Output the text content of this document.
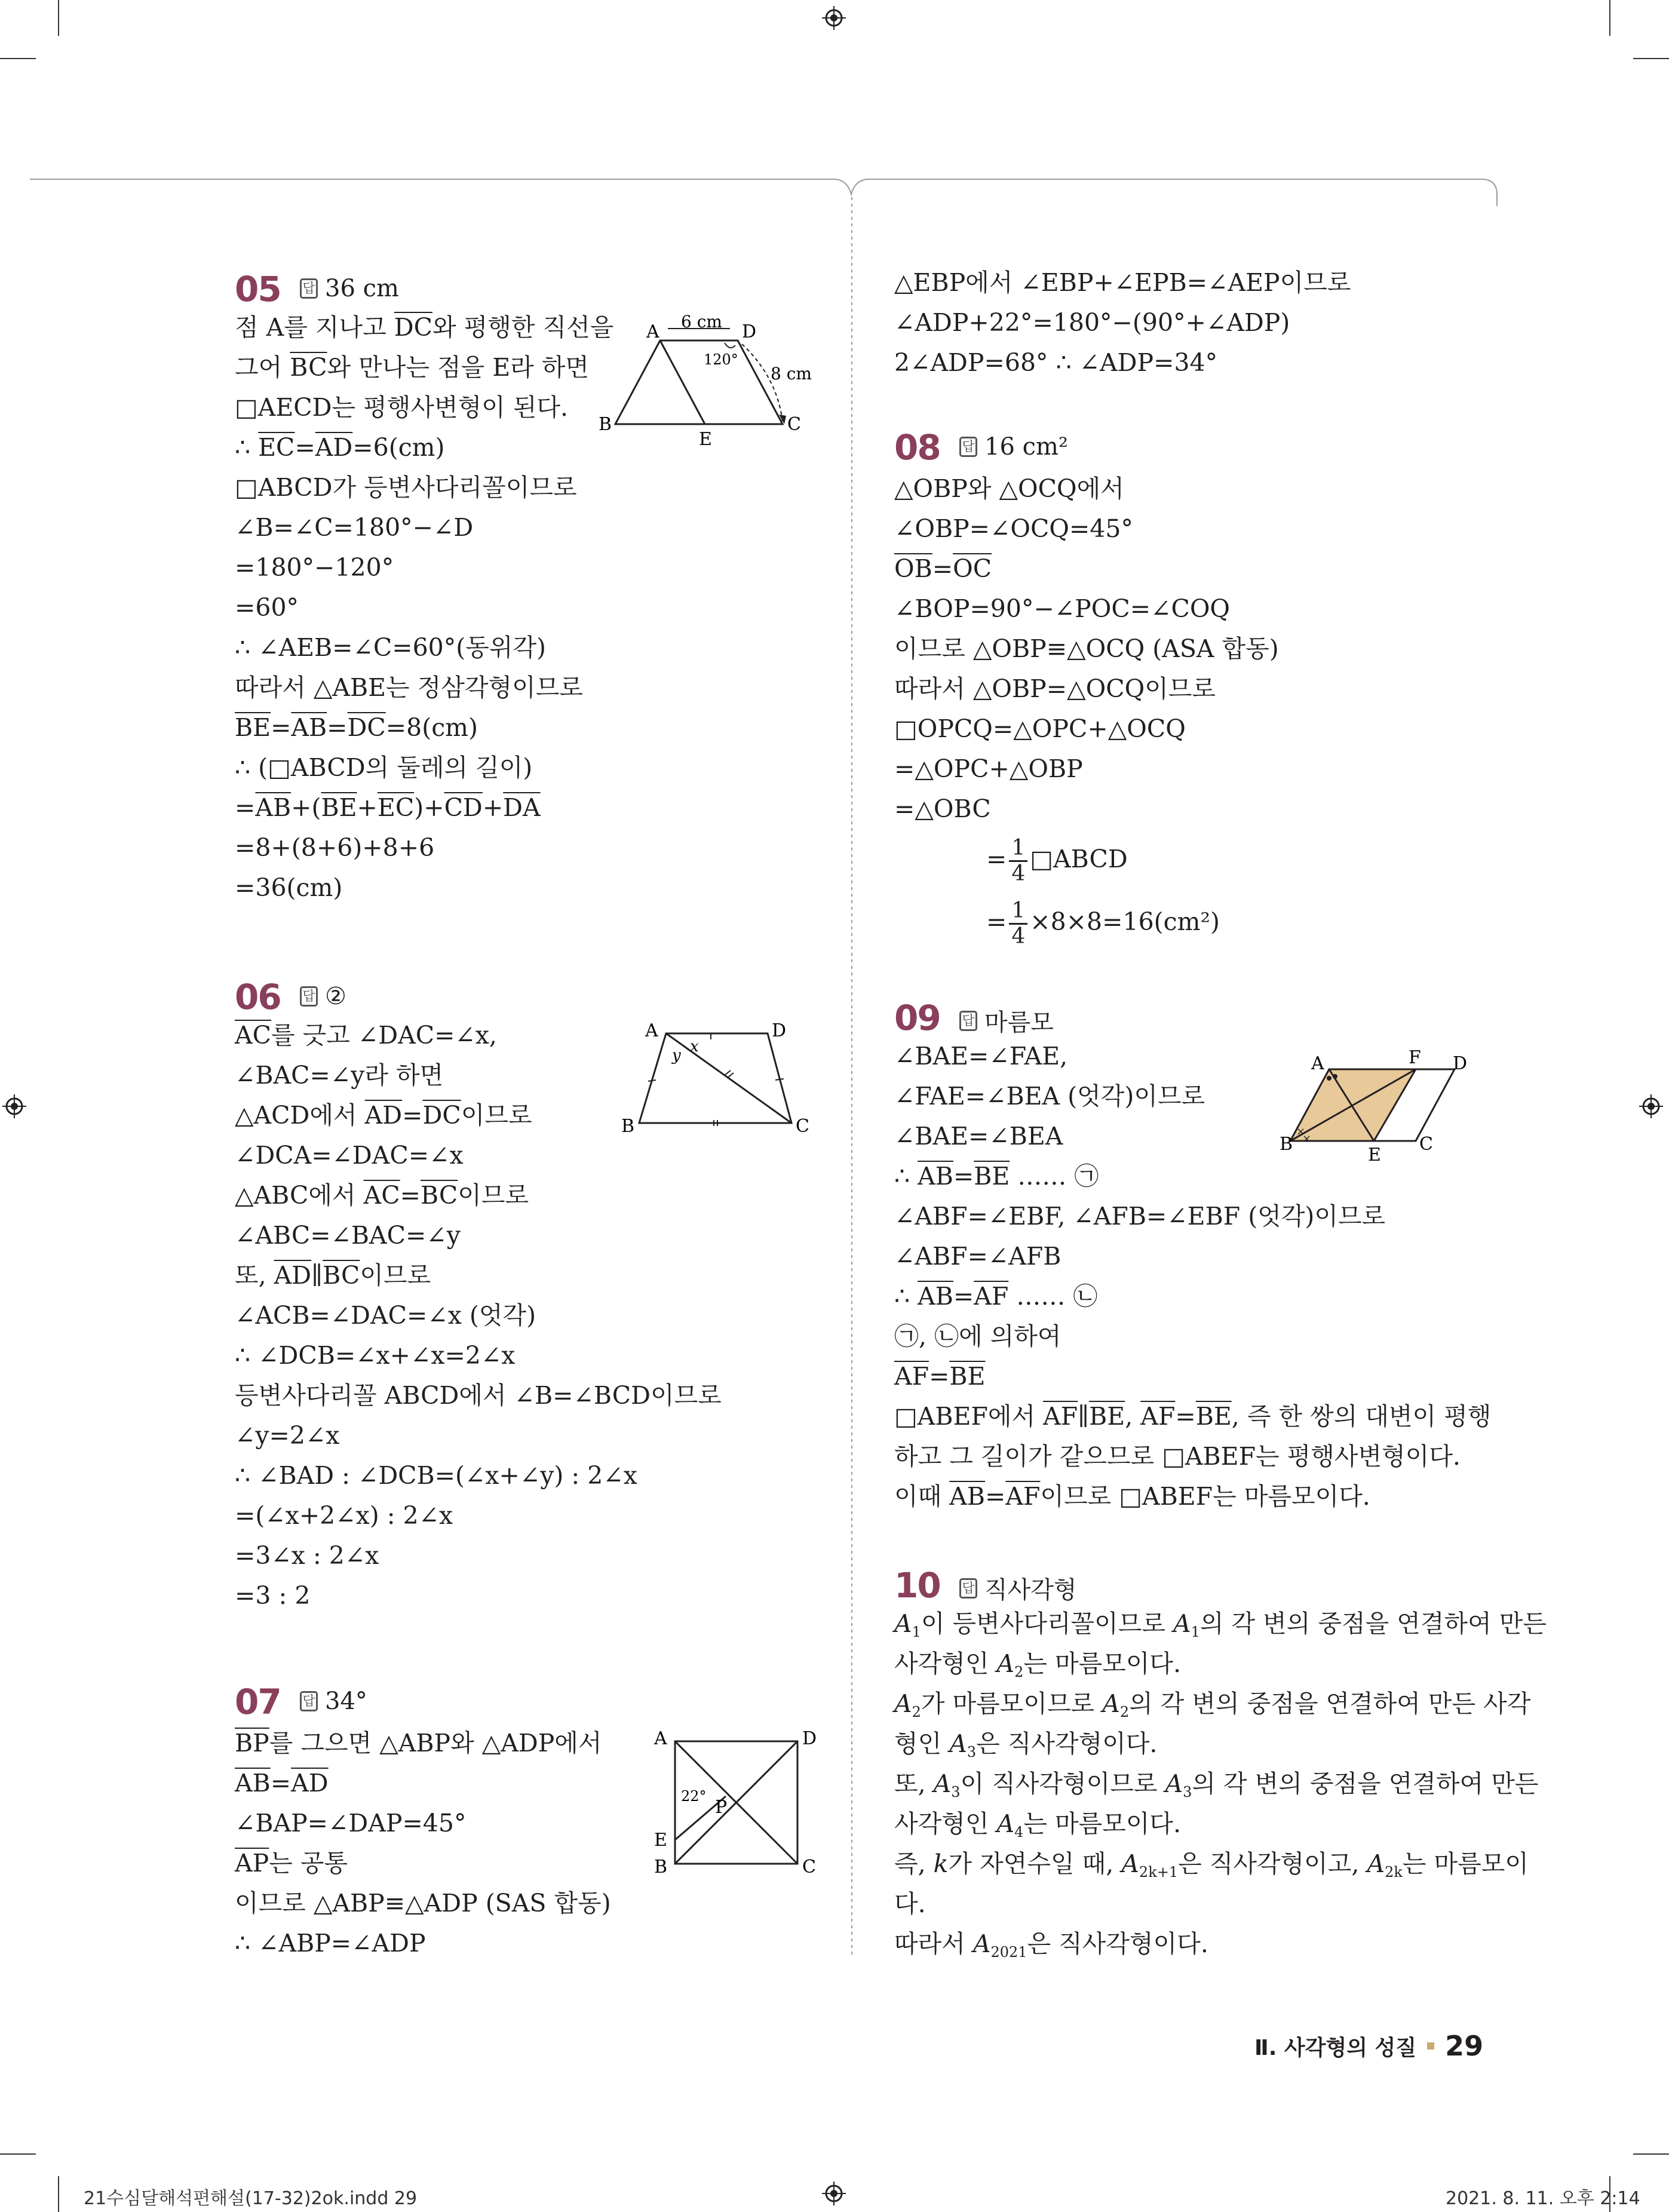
05 답 36 cm
점 A를 지나고 $\overline{DC}$와 평행한 직선을
그어 $\overline{BC}$와 만나는 점을 E라 하면
□AECD는 평행사변형이 된다.
∴ $\overline{EC}=\overline{AD}=6(cm)$
□ABCD가 등변사다리꼴이므로
∠B=∠C=180°−∠D
=180°−120°
=60°
∴ ∠AEB=∠C=60°(동위각)
따라서 △ABE는 정삼각형이므로
$\overline{BE}=\overline{AB}=\overline{DC}=8(cm)$
∴ (□ABCD의 둘레의 길이)
$=\overline{AB}+(\overline{BE}+\overline{EC})+\overline{CD}+\overline{DA}$
=8+(8+6)+8+6
=36(cm)
A	D
B	C
E
6 cm
8 cm
120°
06 답 ②
$\overline{AC}$를 긋고 ∠DAC=∠x,
∠BAC=∠y라 하면
△ACD에서 $\overline{AD}=\overline{DC}$이므로
∠DCA=∠DAC=∠x
△ABC에서 $\overline{AC}=\overline{BC}$이므로
∠ABC=∠BAC=∠y
또, $\overline{AD}\parallel\overline{BC}$이므로
∠ACB=∠DAC=∠x (엇각)
∴ ∠DCB=∠x+∠x=2∠x
등변사다리꼴 ABCD에서 ∠B=∠BCD이므로
∠y=2∠x
∴ ∠BAD : ∠DCB=(∠x+∠y) : 2∠x
=(∠x+2∠x) : 2∠x
=3∠x : 2∠x
=3 : 2
A	D
B	C
x
y
07 답 34°
$\overline{BP}$를 그으면 △ABP와 △ADP에서
$\overline{AB}=\overline{AD}$
∠BAP=∠DAP=45°
$\overline{AP}$는 공통
이므로 △ABP≡△ADP (SAS 합동)
∴ ∠ABP=∠ADP
A	D
B	C
E
P
22°
△EBP에서 ∠EBP+∠EPB=∠AEP이므로
∠ADP+22°=180°−(90°+∠ADP)
2∠ADP=68° ∴ ∠ADP=34°
08 답 16 cm²
△OBP와 △OCQ에서
∠OBP=∠OCQ=45°
$\overline{OB}=\overline{OC}$
∠BOP=90°−∠POC=∠COQ
이므로 △OBP≡△OCQ (ASA 합동)
따라서 △OBP=△OCQ이므로
□OPCQ=△OPC+△OCQ
=△OPC+△OBP
=△OBC
= $\frac{1}{4}$ □ABCD
= $\frac{1}{4} \times 8\times 8=16(cm^2)$
09 답 마름모
∠BAE=∠FAE,
∠FAE=∠BEA (엇각)이므로
∠BAE=∠BEA
∴ $\overline{AB}=\overline{BE}$ …… ㉠
∠ABF=∠EBF, ∠AFB=∠EBF (엇각)이므로
∠ABF=∠AFB
∴ $\overline{AB}=\overline{AF}$ …… ㉡
㉠, ㉡에 의하여
$\overline{AF}=\overline{BE}$
□ABEF에서 $\overline{AF}\parallel\overline{BE}$, $\overline{AF}=\overline{BE}$, 즉 한 쌍의 대변이 평행
하고 그 길이가 같으므로 □ABEF는 평행사변형이다.
이때 $\overline{AB}=\overline{AF}$이므로 □ABEF는 마름모이다.
×
×
A	F D
B
E
C
10 답 직사각형
A1이 등변사다리꼴이므로 A1의 각 변의 중점을 연결하여 만든
사각형인 A2는 마름모이다.
A2가 마름모이므로 A2의 각 변의 중점을 연결하여 만든 사각
형인 A3은 직사각형이다.
또, A3이 직사각형이므로 A3의 각 변의 중점을 연결하여 만든
사각형인 A4는 마름모이다.
즉, k가 자연수일 때, A2k+1은 직사각형이고, A2k는 마름모이
다.
따라서 A2021은 직사각형이다.
Ⅱ. 사각형의 성질 29
21수심달해석편해설(17-32)2ok.indd 29	2021. 8. 11. 오후 2:14
